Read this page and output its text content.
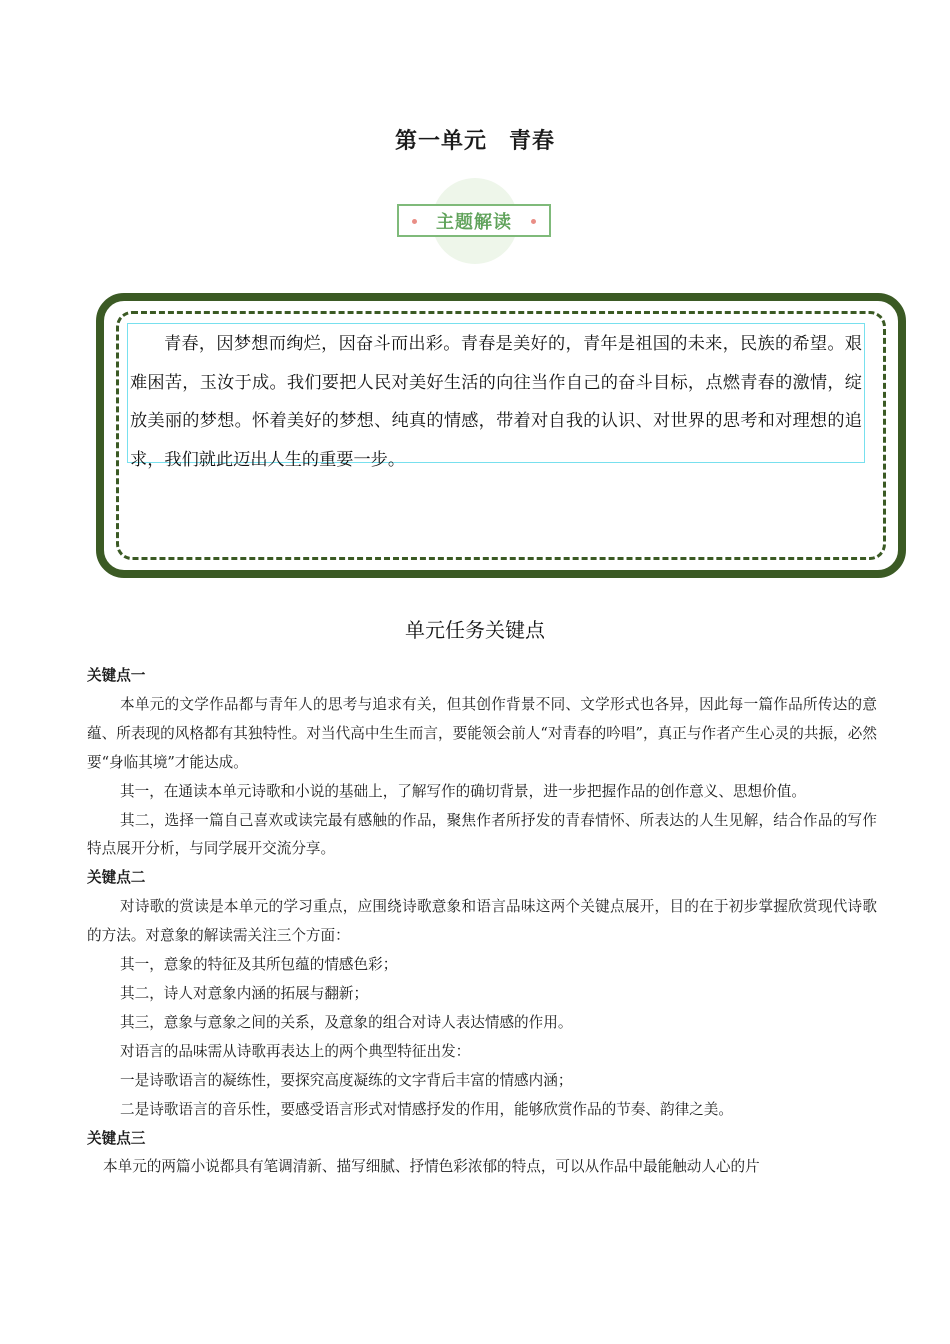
第一单元 青春
主题解读
青春，因梦想而绚烂，因奋斗而出彩。青春是美好的，青年是祖国的未来，民族的希望。艰难困苦，玉汝于成。我们要把人民对美好生活的向往当作自己的奋斗目标，点燃青春的激情，绽放美丽的梦想。怀着美好的梦想、纯真的情感，带着对自我的认识、对世界的思考和对理想的追求，我们就此迈出人生的重要一步。
单元任务关键点
关键点一

本单元的文学作品都与青年人的思考与追求有关，但其创作背景不同、文学形式也各异，因此每一篇作品所传达的意蕴、所表现的风格都有其独特性。对当代高中生生而言，要能领会前人“对青春的吟唱”，真正与作者产生心灵的共振，必然要“身临其境”才能达成。

其一，在通读本单元诗歌和小说的基础上，了解写作的确切背景，进一步把握作品的创作意义、思想价值。

其二，选择一篇自己喜欢或读完最有感触的作品，聚焦作者所抒发的青春情怀、所表达的人生见解，结合作品的写作特点展开分析，与同学展开交流分享。

关键点二

对诗歌的赏读是本单元的学习重点，应围绕诗歌意象和语言品味这两个关键点展开，目的在于初步掌握欣赏现代诗歌的方法。对意象的解读需关注三个方面：

其一，意象的特征及其所包蕴的情感色彩；

其二，诗人对意象内涵的拓展与翻新；

其三，意象与意象之间的关系，及意象的组合对诗人表达情感的作用。

对语言的品味需从诗歌再表达上的两个典型特征出发：

一是诗歌语言的凝练性，要探究高度凝练的文字背后丰富的情感内涵；

二是诗歌语言的音乐性，要感受语言形式对情感抒发的作用，能够欣赏作品的节奏、韵律之美。

关键点三

本单元的两篇小说都具有笔调清新、描写细腻、抒情色彩浓郁的特点，可以从作品中最能触动人心的片
